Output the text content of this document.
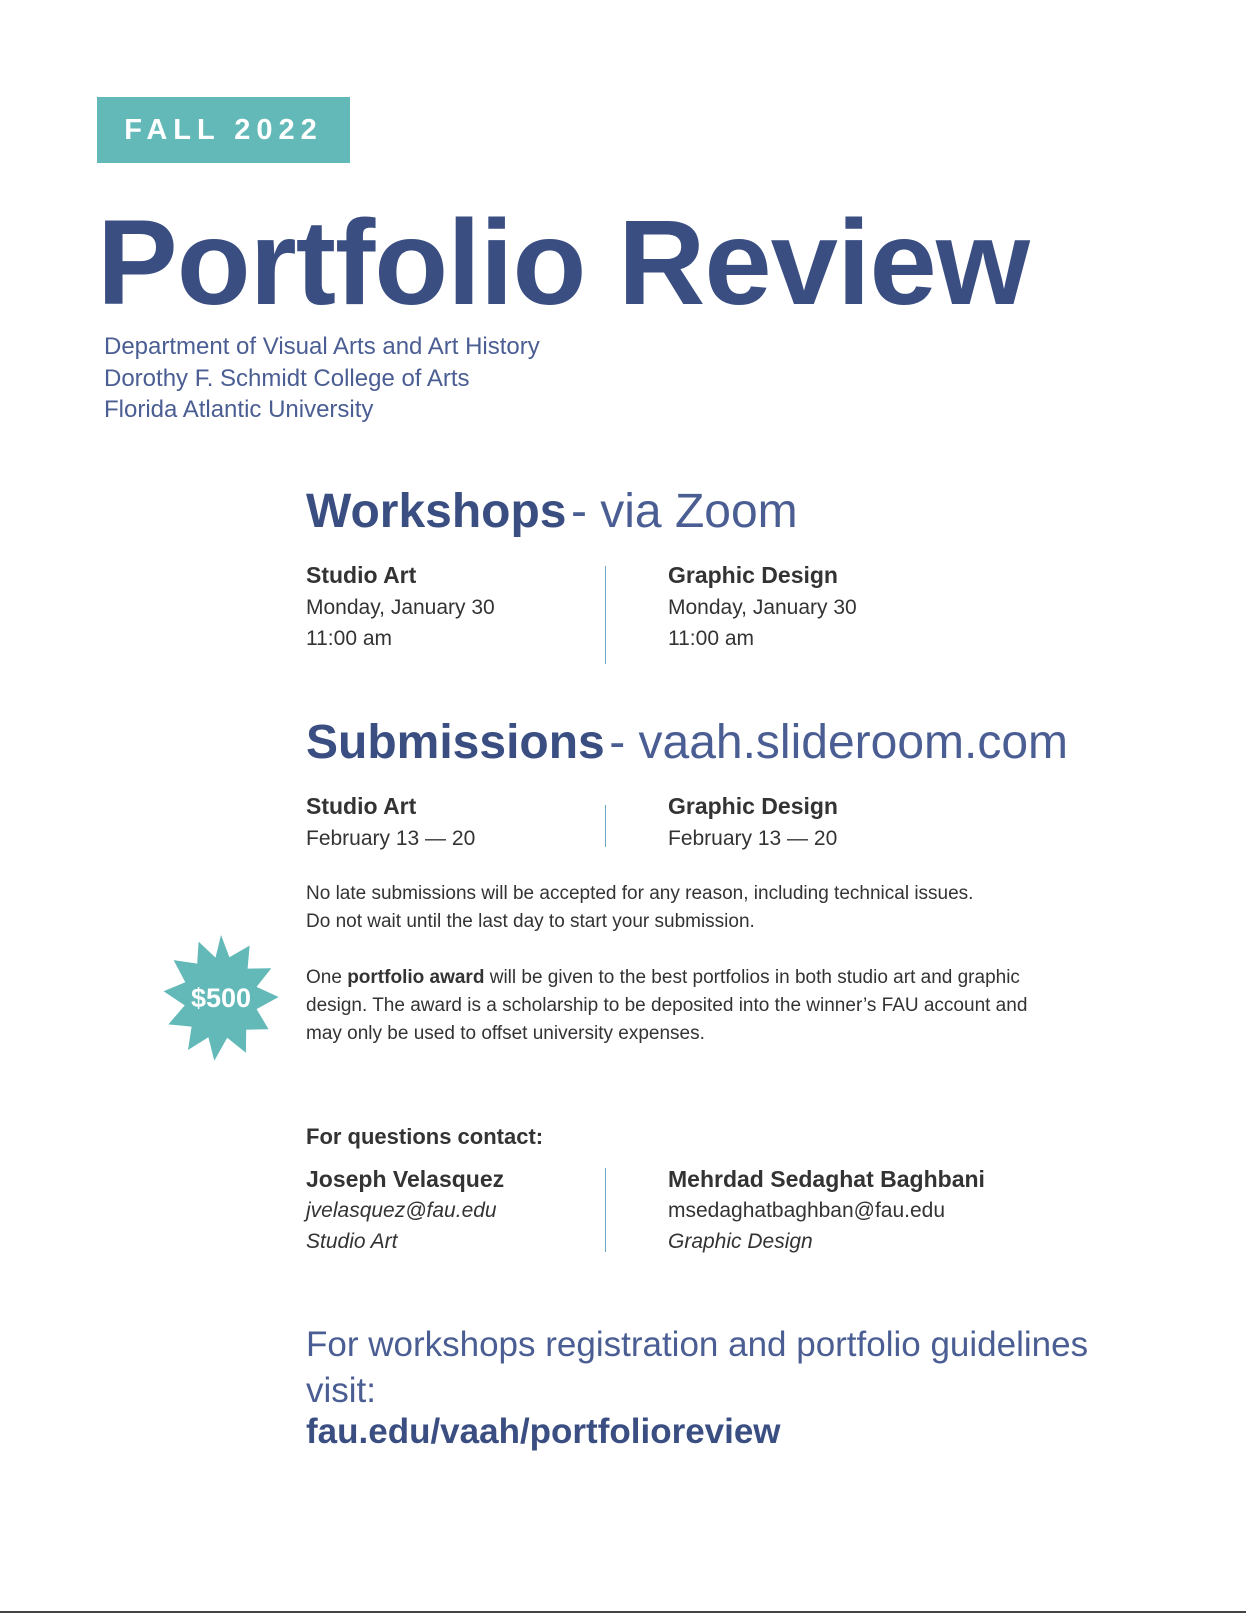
FALL 2022
Portfolio Review
Department of Visual Arts and Art History
Dorothy F. Schmidt College of Arts
Florida Atlantic University
Workshops - via Zoom
Studio Art
Monday, January 30
11:00 am
Graphic Design
Monday, January 30
11:00 am
Submissions - vaah.slideroom.com
Studio Art
February 13 — 20
Graphic Design
February 13 — 20
No late submissions will be accepted for any reason, including technical issues.
Do not wait until the last day to start your submission.
$500
One portfolio award will be given to the best portfolios in both studio art and graphic design. The award is a scholarship to be deposited into the winner’s FAU account and may only be used to offset university expenses.
For questions contact:
Joseph Velasquez
jvelasquez@fau.edu
Studio Art
Mehrdad Sedaghat Baghbani
msedaghatbaghban@fau.edu
Graphic Design
For workshops registration and portfolio guidelines visit:
fau.edu/vaah/portfolioreview
